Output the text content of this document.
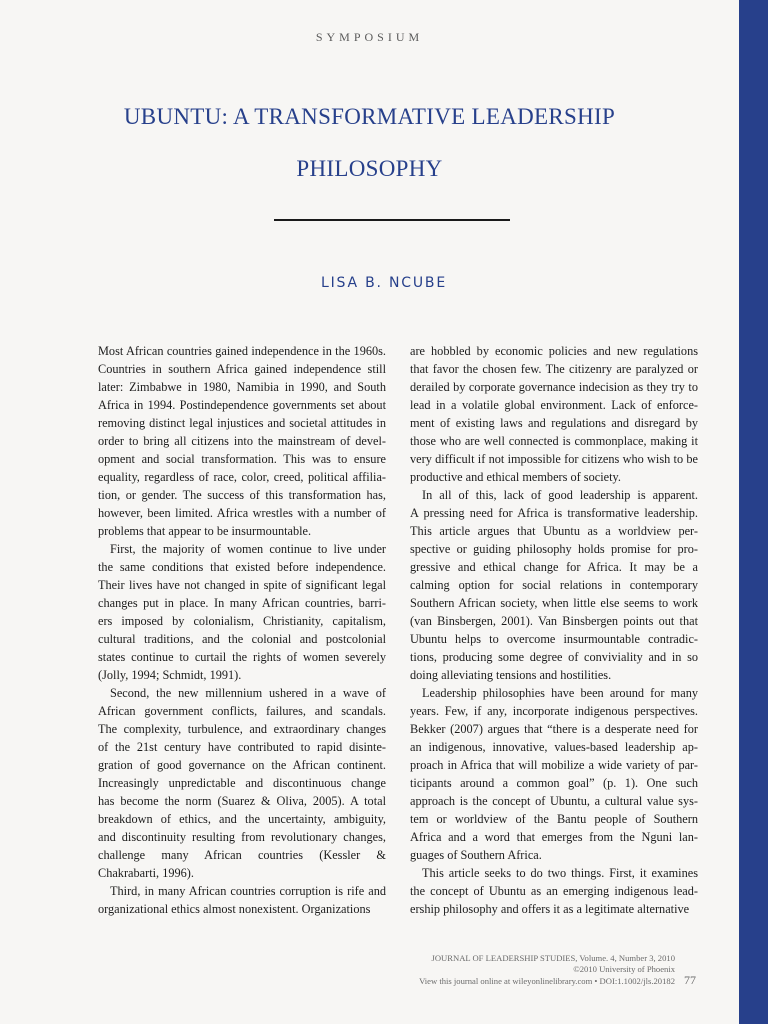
SYMPOSIUM
UBUNTU: A TRANSFORMATIVE LEADERSHIP
PHILOSOPHY
LISA B. NCUBE
Most African countries gained independence in the 1960s.
Countries in southern Africa gained independence still
later: Zimbabwe in 1980, Namibia in 1990, and South
Africa in 1994. Postindependence governments set about
removing distinct legal injustices and societal attitudes in
order to bring all citizens into the mainstream of devel-
opment and social transformation. This was to ensure
equality, regardless of race, color, creed, political affilia-
tion, or gender. The success of this transformation has,
however, been limited. Africa wrestles with a number of
problems that appear to be insurmountable.
First, the majority of women continue to live under
the same conditions that existed before independence.
Their lives have not changed in spite of significant legal
changes put in place. In many African countries, barri-
ers imposed by colonialism, Christianity, capitalism,
cultural traditions, and the colonial and postcolonial
states continue to curtail the rights of women severely
(Jolly, 1994; Schmidt, 1991).
Second, the new millennium ushered in a wave of
African government conflicts, failures, and scandals.
The complexity, turbulence, and extraordinary changes
of the 21st century have contributed to rapid disinte-
gration of good governance on the African continent.
Increasingly unpredictable and discontinuous change
has become the norm (Suarez & Oliva, 2005). A total
breakdown of ethics, and the uncertainty, ambiguity,
and discontinuity resulting from revolutionary changes,
challenge many African countries (Kessler &
Chakrabarti, 1996).
Third, in many African countries corruption is rife and
organizational ethics almost nonexistent. Organizations
are hobbled by economic policies and new regulations
that favor the chosen few. The citizenry are paralyzed or
derailed by corporate governance indecision as they try to
lead in a volatile global environment. Lack of enforce-
ment of existing laws and regulations and disregard by
those who are well connected is commonplace, making it
very difficult if not impossible for citizens who wish to be
productive and ethical members of society.
In all of this, lack of good leadership is apparent.
A pressing need for Africa is transformative leadership.
This article argues that Ubuntu as a worldview per-
spective or guiding philosophy holds promise for pro-
gressive and ethical change for Africa. It may be a
calming option for social relations in contemporary
Southern African society, when little else seems to work
(van Binsbergen, 2001). Van Binsbergen points out that
Ubuntu helps to overcome insurmountable contradic-
tions, producing some degree of conviviality and in so
doing alleviating tensions and hostilities.
Leadership philosophies have been around for many
years. Few, if any, incorporate indigenous perspectives.
Bekker (2007) argues that “there is a desperate need for
an indigenous, innovative, values-based leadership ap-
proach in Africa that will mobilize a wide variety of par-
ticipants around a common goal” (p. 1). One such
approach is the concept of Ubuntu, a cultural value sys-
tem or worldview of the Bantu people of Southern
Africa and a word that emerges from the Nguni lan-
guages of Southern Africa.
This article seeks to do two things. First, it examines
the concept of Ubuntu as an emerging indigenous lead-
ership philosophy and offers it as a legitimate alternative
JOURNAL OF LEADERSHIP STUDIES, Volume. 4, Number 3, 2010
©2010 University of Phoenix
View this journal online at wileyonlinelibrary.com • DOI:1.1002/jls.20182 77
